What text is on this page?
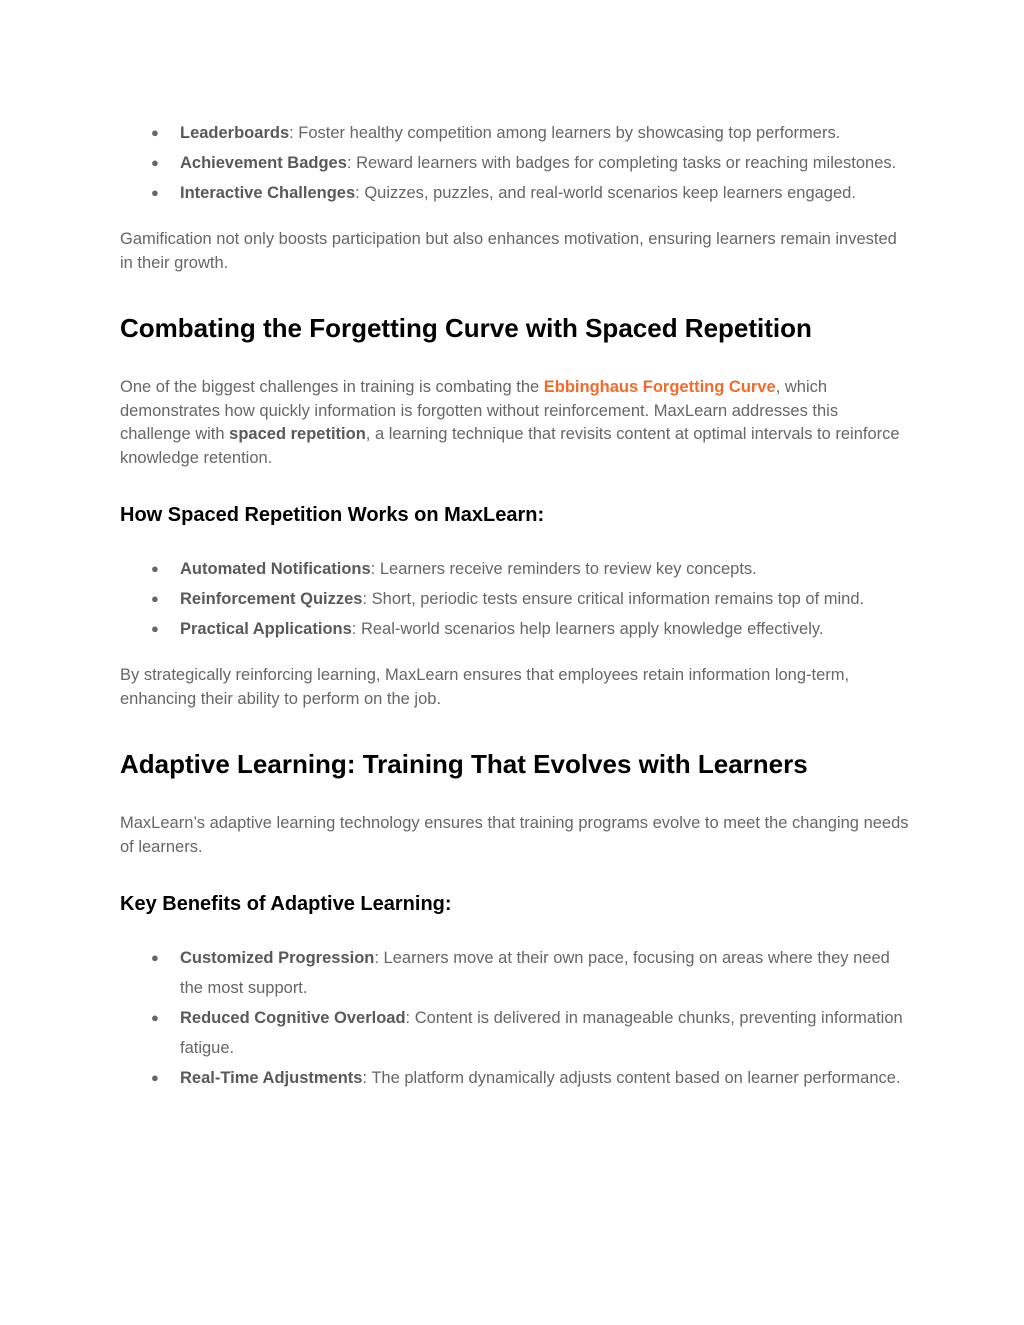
● Leaderboards: Foster healthy competition among learners by showcasing top performers.
● Achievement Badges: Reward learners with badges for completing tasks or reaching milestones.
● Interactive Challenges: Quizzes, puzzles, and real-world scenarios keep learners engaged.

Gamification not only boosts participation but also enhances motivation, ensuring learners remain invested in their growth.

Combating the Forgetting Curve with Spaced Repetition

One of the biggest challenges in training is combating the Ebbinghaus Forgetting Curve, which demonstrates how quickly information is forgotten without reinforcement. MaxLearn addresses this challenge with spaced repetition, a learning technique that revisits content at optimal intervals to reinforce knowledge retention.

How Spaced Repetition Works on MaxLearn:
● Automated Notifications: Learners receive reminders to review key concepts.
● Reinforcement Quizzes: Short, periodic tests ensure critical information remains top of mind.
● Practical Applications: Real-world scenarios help learners apply knowledge effectively.

By strategically reinforcing learning, MaxLearn ensures that employees retain information long-term, enhancing their ability to perform on the job.

Adaptive Learning: Training That Evolves with Learners

MaxLearn’s adaptive learning technology ensures that training programs evolve to meet the changing needs of learners.

Key Benefits of Adaptive Learning:
● Customized Progression: Learners move at their own pace, focusing on areas where they need the most support.
● Reduced Cognitive Overload: Content is delivered in manageable chunks, preventing information fatigue.
● Real-Time Adjustments: The platform dynamically adjusts content based on learner performance.
